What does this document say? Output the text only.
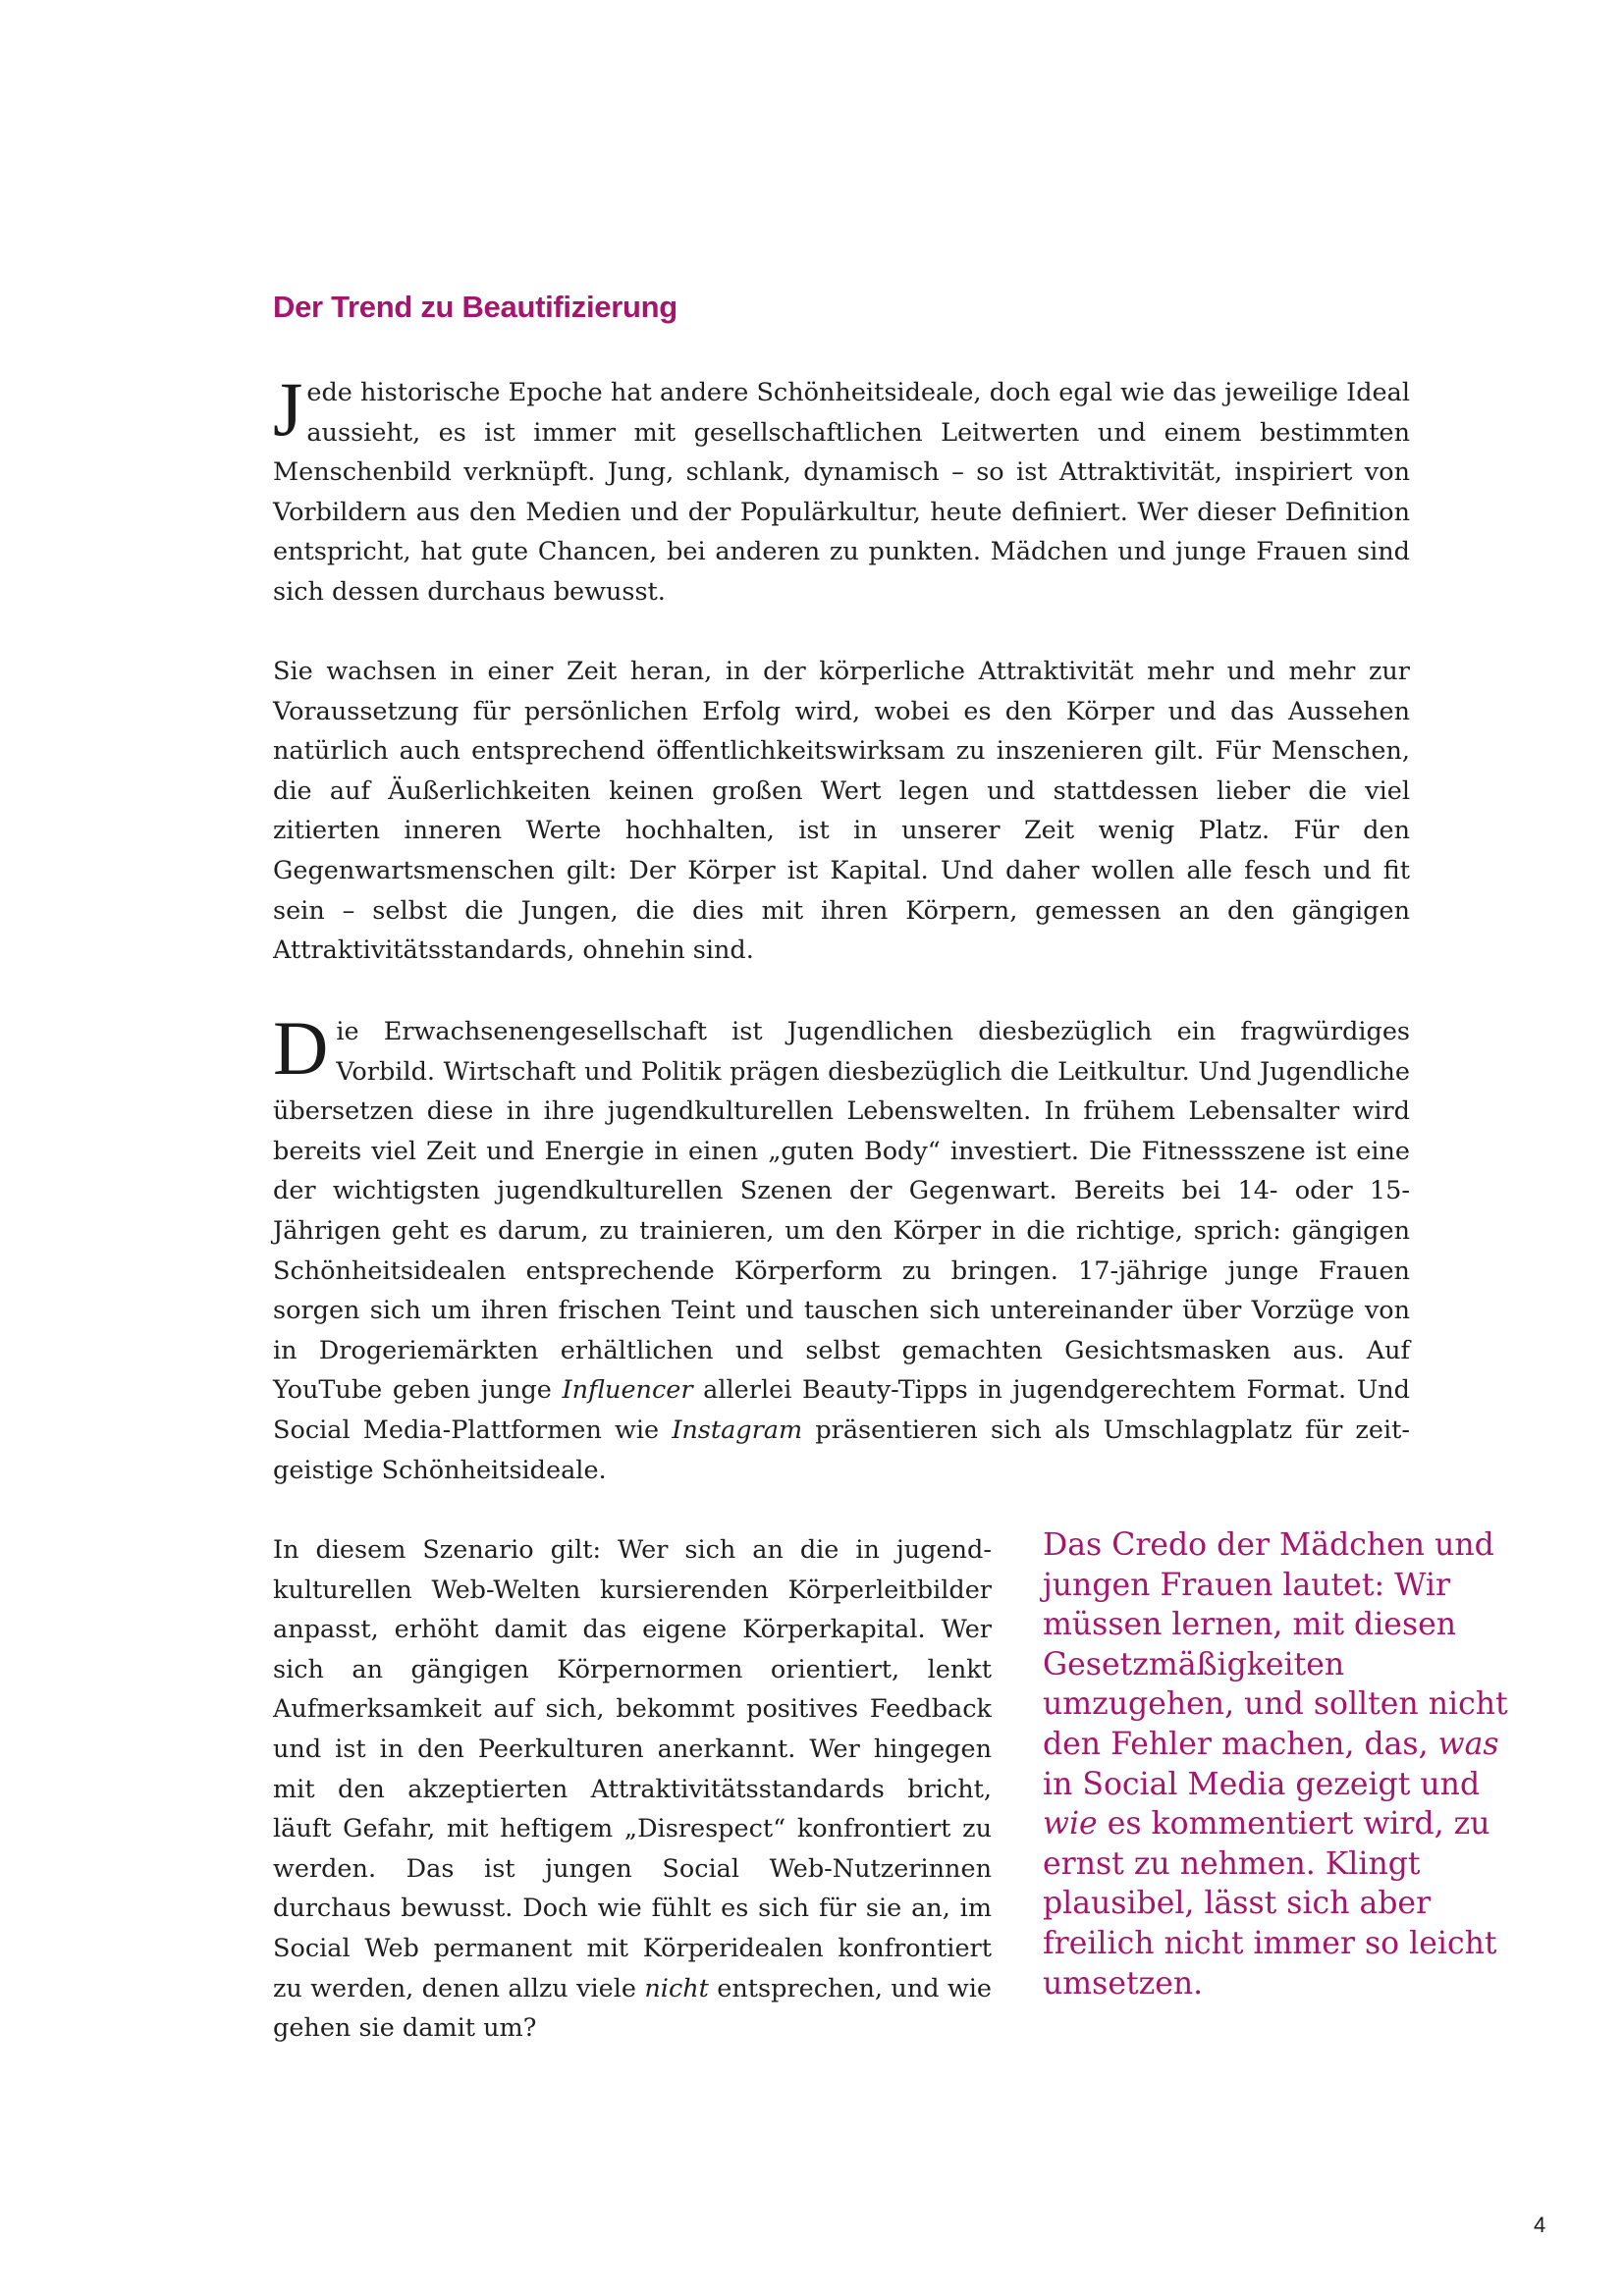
Der Trend zu Beautifizierung

Jede historische Epoche hat andere Schönheitsideale, doch egal wie das jeweilige Ideal aussieht, es ist immer mit gesellschaftlichen Leitwerten und einem bestimmten Menschenbild verknüpft. Jung, schlank, dynamisch – so ist Attraktivität, inspiriert von Vorbildern aus den Medien und der Populärkultur, heute definiert. Wer dieser Definition entspricht, hat gute Chancen, bei anderen zu punkten. Mädchen und junge Frauen sind sich dessen durchaus bewusst.

Sie wachsen in einer Zeit heran, in der körperliche Attraktivität mehr und mehr zur Voraussetzung für persönlichen Erfolg wird, wobei es den Körper und das Aussehen natürlich auch entsprechend öffentlichkeitswirksam zu inszenieren gilt. Für Menschen, die auf Äußerlichkeiten keinen großen Wert legen und stattdessen lieber die viel zitierten inneren Werte hochhalten, ist in unserer Zeit wenig Platz. Für den Gegenwartsmenschen gilt: Der Körper ist Kapital. Und daher wollen alle fesch und fit sein – selbst die Jungen, die dies mit ihren Körpern, gemessen an den gängigen Attraktivitätsstandards, ohnehin sind.

Die Erwachsenengesellschaft ist Jugendlichen diesbezüglich ein fragwürdiges Vorbild. Wirtschaft und Politik prägen diesbezüglich die Leitkultur. Und Jugendliche übersetzen diese in ihre jugendkulturellen Lebenswelten. In frühem Lebensalter wird bereits viel Zeit und Energie in einen „guten Body“ investiert. Die Fitnessszene ist eine der wichtigsten jugendkulturellen Szenen der Gegenwart. Bereits bei 14- oder 15-Jährigen geht es darum, zu trainieren, um den Körper in die richtige, sprich: gängigen Schönheitsidealen entsprechende Körperform zu bringen. 17-jährige junge Frauen sorgen sich um ihren frischen Teint und tauschen sich untereinander über Vorzüge von in Drogeriemärkten erhältlichen und selbst gemachten Gesichtsmasken aus. Auf YouTube geben junge Influencer allerlei Beauty-Tipps in jugendgerechtem Format. Und Social Media-Plattformen wie Instagram präsentieren sich als Umschlagplatz für zeitgeistige Schönheitsideale.

In diesem Szenario gilt: Wer sich an die in jugendkulturellen Web-Welten kursierenden Körperleitbilder anpasst, erhöht damit das eigene Körperkapital. Wer sich an gängigen Körpernormen orientiert, lenkt Aufmerksamkeit auf sich, bekommt positives Feedback und ist in den Peerkulturen anerkannt. Wer hingegen mit den akzeptierten Attraktivitätsstandards bricht, läuft Gefahr, mit heftigem „Disrespect“ konfrontiert zu werden. Das ist jungen Social Web-Nutzerinnen durchaus bewusst. Doch wie fühlt es sich für sie an, im Social Web permanent mit Körperidealen konfrontiert zu werden, denen allzu viele nicht entsprechen, und wie gehen sie damit um?

Das Credo der Mädchen und jungen Frauen lautet: Wir müssen lernen, mit diesen Gesetzmäßigkeiten umzugehen, und sollten nicht den Fehler machen, das, was in Social Media gezeigt und wie es kommentiert wird, zu ernst zu nehmen. Klingt plausibel, lässt sich aber freilich nicht immer so leicht umsetzen.

4
